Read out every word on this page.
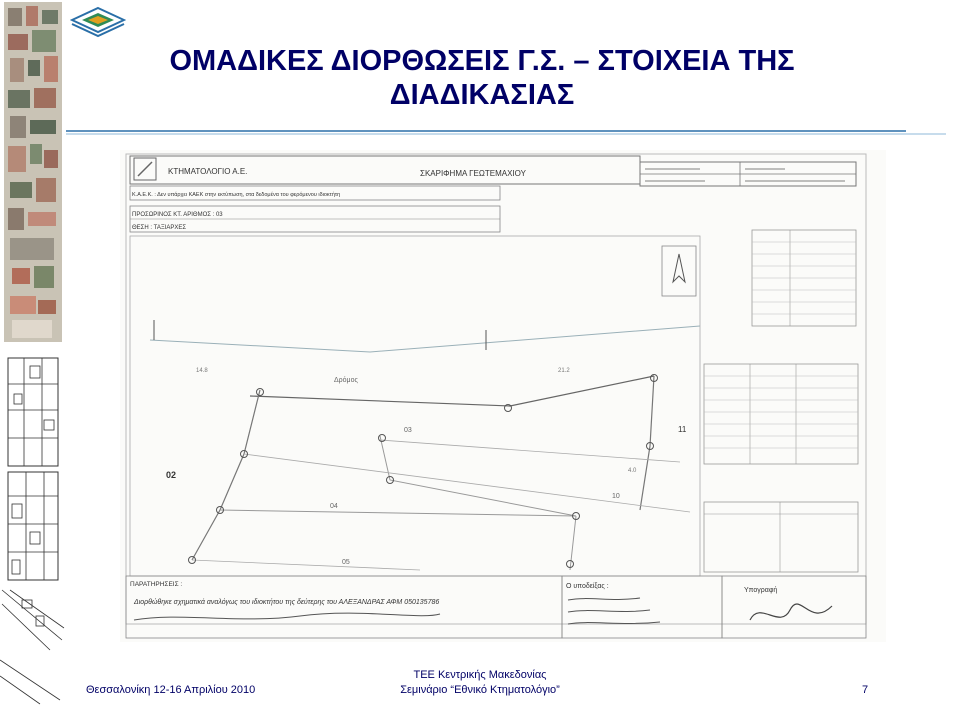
ΟΜΑΔΙΚΕΣ ΔΙΟΡΘΩΣΕΙΣ Γ.Σ. – ΣΤΟΙΧΕΙΑ ΤΗΣ
ΔΙΑΔΙΚΑΣΙΑΣ
ΚΤΗΜΑΤΟΛΟΓΙΟ Α.Ε.	ΣΚΑΡΙΦΗΜΑ ΓΕΩΤΕΜΑΧΙΟΥ
Κ.Α.Ε.Κ. : Δεν υπάρχει ΚΑΕΚ στην εκτύπωση, στα δεδομένα του φερόμενου ιδιοκτήτη
ΠΡΟΣΩΡΙΝΟΣ ΚΤ. ΑΡΙΘΜΟΣ : 03
ΘΕΣΗ : ΤΑΞΙΑΡΧΕΣ
Δρόμος
02
03
04
05
10
11
14.8	21.2
4.0
ΠΑΡΑΤΗΡΗΣΕΙΣ :
Διορθώθηκε σχηματικά αναλόγως του ιδιοκτήτου της δεύτερης του ΑΛΕΞΑΝΔΡΑΣ ΑΦΜ 050135786
Ο υποδείξας :
Υπογραφή
Θεσσαλονίκη 12-16 Απριλίου 2010
ΤΕΕ Κεντρικής Μακεδονίας
Σεμινάριο “Εθνικό Κτηματολόγιο”	7
